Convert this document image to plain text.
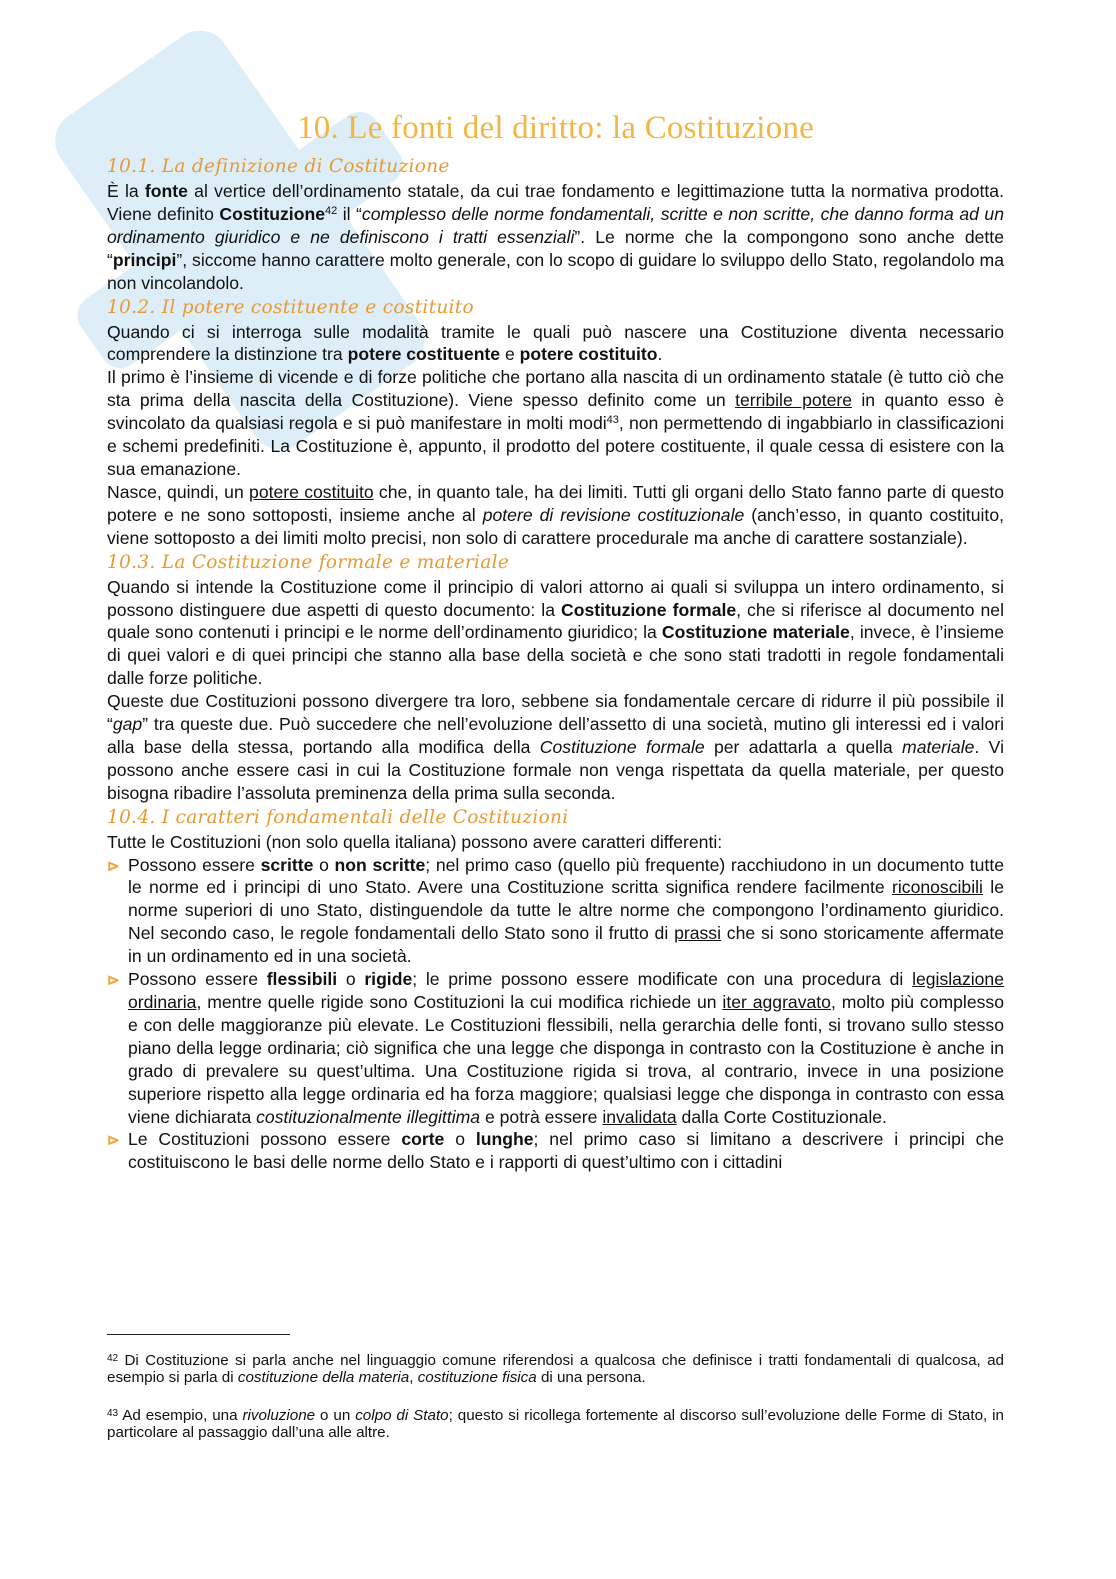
10. Le fonti del diritto: la Costituzione
10.1. La definizione di Costituzione

È la fonte al vertice dell’ordinamento statale, da cui trae fondamento e legittimazione tutta la normativa prodotta. Viene definito Costituzione$^{42}$ il “complesso delle norme fondamentali, scritte e non scritte, che danno forma ad un ordinamento giuridico e ne definiscono i tratti essenziali”. Le norme che la compongono sono anche dette “principi”, siccome hanno carattere molto generale, con lo scopo di guidare lo sviluppo dello Stato, regolandolo ma non vincolandolo.

10.2. Il potere costituente e costituito

Quando ci si interroga sulle modalità tramite le quali può nascere una Costituzione diventa necessario comprendere la distinzione tra potere costituente e potere costituito.

Il primo è l’insieme di vicende e di forze politiche che portano alla nascita di un ordinamento statale (è tutto ciò che sta prima della nascita della Costituzione). Viene spesso definito come un terribile potere in quanto esso è svincolato da qualsiasi regola e si può manifestare in molti modi$^{43}$, non permettendo di ingabbiarlo in classificazioni e schemi predefiniti. La Costituzione è, appunto, il prodotto del potere costituente, il quale cessa di esistere con la sua emanazione.

Nasce, quindi, un potere costituito che, in quanto tale, ha dei limiti. Tutti gli organi dello Stato fanno parte di questo potere e ne sono sottoposti, insieme anche al potere di revisione costituzionale (anch’esso, in quanto costituito, viene sottoposto a dei limiti molto precisi, non solo di carattere procedurale ma anche di carattere sostanziale).

10.3. La Costituzione formale e materiale

Quando si intende la Costituzione come il principio di valori attorno ai quali si sviluppa un intero ordinamento, si possono distinguere due aspetti di questo documento: la Costituzione formale, che si riferisce al documento nel quale sono contenuti i principi e le norme dell’ordinamento giuridico; la Costituzione materiale, invece, è l’insieme di quei valori e di quei principi che stanno alla base della società e che sono stati tradotti in regole fondamentali dalle forze politiche.

Queste due Costituzioni possono divergere tra loro, sebbene sia fondamentale cercare di ridurre il più possibile il “gap” tra queste due. Può succedere che nell’evoluzione dell’assetto di una società, mutino gli interessi ed i valori alla base della stessa, portando alla modifica della Costituzione formale per adattarla a quella materiale. Vi possono anche essere casi in cui la Costituzione formale non venga rispettata da quella materiale, per questo bisogna ribadire l’assoluta preminenza della prima sulla seconda.

10.4. I caratteri fondamentali delle Costituzioni

Tutte le Costituzioni (non solo quella italiana) possono avere caratteri differenti:

⊳ Possono essere scritte o non scritte; nel primo caso (quello più frequente) racchiudono in un documento tutte le norme ed i principi di uno Stato. Avere una Costituzione scritta significa rendere facilmente riconoscibili le norme superiori di uno Stato, distinguendole da tutte le altre norme che compongono l’ordinamento giuridico. Nel secondo caso, le regole fondamentali dello Stato sono il frutto di prassi che si sono storicamente affermate in un ordinamento ed in una società.
⊳ Possono essere flessibili o rigide; le prime possono essere modificate con una procedura di legislazione ordinaria, mentre quelle rigide sono Costituzioni la cui modifica richiede un iter aggravato, molto più complesso e con delle maggioranze più elevate. Le Costituzioni flessibili, nella gerarchia delle fonti, si trovano sullo stesso piano della legge ordinaria; ciò significa che una legge che disponga in contrasto con la Costituzione è anche in grado di prevalere su quest’ultima. Una Costituzione rigida si trova, al contrario, invece in una posizione superiore rispetto alla legge ordinaria ed ha forza maggiore; qualsiasi legge che disponga in contrasto con essa viene dichiarata costituzionalmente illegittima e potrà essere invalidata dalla Corte Costituzionale.
⊳ Le Costituzioni possono essere corte o lunghe; nel primo caso si limitano a descrivere i principi che costituiscono le basi delle norme dello Stato e i rapporti di quest’ultimo con i cittadini

$^{42}$ Di Costituzione si parla anche nel linguaggio comune riferendosi a qualcosa che definisce i tratti fondamentali di qualcosa, ad esempio si parla di costituzione della materia, costituzione fisica di una persona.

$^{43}$ Ad esempio, una rivoluzione o un colpo di Stato; questo si ricollega fortemente al discorso sull’evoluzione delle Forme di Stato, in particolare al passaggio dall’una alle altre.
